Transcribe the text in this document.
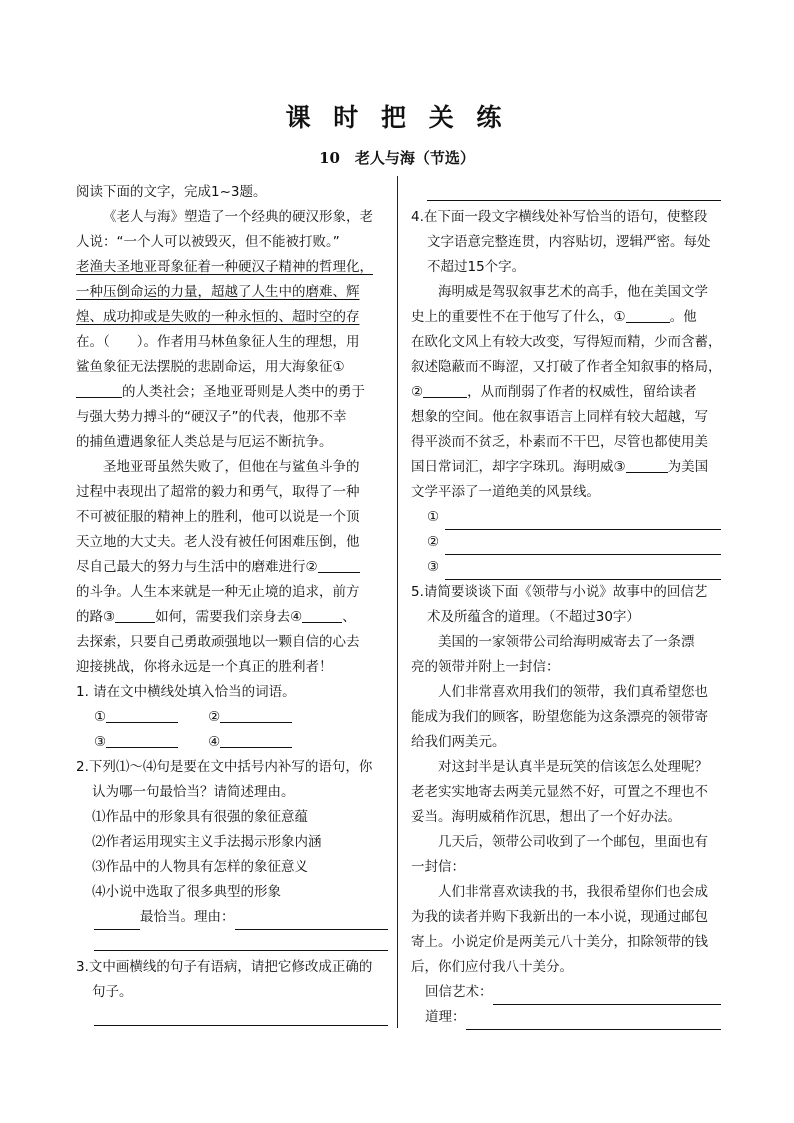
课 时 把 关 练
10　老人与海（节选）
阅读下面的文字，完成1~3题。
《老人与海》塑造了一个经典的硬汉形象，老
人说：“一个人可以被毁灭，但不能被打败。”
老渔夫圣地亚哥象征着一种硬汉子精神的哲理化，
一种压倒命运的力量，超越了人生中的磨难、辉
煌、成功抑或是失败的一种永恒的、超时空的存
在。（　　）。作者用马林鱼象征人生的理想，用
鲨鱼象征无法摆脱的悲剧命运，用大海象征①
的人类社会；圣地亚哥则是人类中的勇于
与强大势力搏斗的“硬汉子”的代表，他那不幸
的捕鱼遭遇象征人类总是与厄运不断抗争。
圣地亚哥虽然失败了，但他在与鲨鱼斗争的
过程中表现出了超常的毅力和勇气，取得了一种
不可被征服的精神上的胜利，他可以说是一个顶
天立地的大丈夫。老人没有被任何困难压倒，他
尽自己最大的努力与生活中的磨难进行②
的斗争。人生本来就是一种无止境的追求，前方
的路③	如何，需要我们亲身去④	、
去探索，只要自己勇敢顽强地以一颗自信的心去
迎接挑战，你将永远是一个真正的胜利者！
1. 请在文中横线处填入恰当的词语。
①	②
③	④
2.下列⑴～⑷句是要在文中括号内补写的语句，你
认为哪一句最恰当？请简述理由。
⑴作品中的形象具有很强的象征意蕴
⑵作者运用现实主义手法揭示形象内涵
⑶作品中的人物具有怎样的象征意义
⑷小说中选取了很多典型的形象
最恰当。理由：
3.文中画横线的句子有语病，请把它修改成正确的
句子。
4.在下面一段文字横线处补写恰当的语句，使整段
文字语意完整连贯，内容贴切，逻辑严密。每处
不超过15个字。
海明威是驾驭叙事艺术的高手，他在美国文学
史上的重要性不在于他写了什么，①	。他
在欧化文风上有较大改变，写得短而精，少而含蓄，
叙述隐蔽而不晦涩，又打破了作者全知叙事的格局，
②	，从而削弱了作者的权威性，留给读者
想象的空间。他在叙事语言上同样有较大超越，写
得平淡而不贫乏，朴素而不干巴，尽管也都使用美
国日常词汇，却字字珠玑。海明威③	为美国
文学平添了一道绝美的风景线。
①
②
③
5.请简要谈谈下面《领带与小说》故事中的回信艺
术及所蕴含的道理。（不超过30字）
美国的一家领带公司给海明威寄去了一条漂
亮的领带并附上一封信：
人们非常喜欢用我们的领带，我们真希望您也
能成为我们的顾客，盼望您能为这条漂亮的领带寄
给我们两美元。
对这封半是认真半是玩笑的信该怎么处理呢？
老老实实地寄去两美元显然不好，可置之不理也不
妥当。海明威稍作沉思，想出了一个好办法。
几天后，领带公司收到了一个邮包，里面也有
一封信：
人们非常喜欢读我的书，我很希望你们也会成
为我的读者并购下我新出的一本小说，现通过邮包
寄上。小说定价是两美元八十美分，扣除领带的钱
后，你们应付我八十美分。
回信艺术：
道理：
